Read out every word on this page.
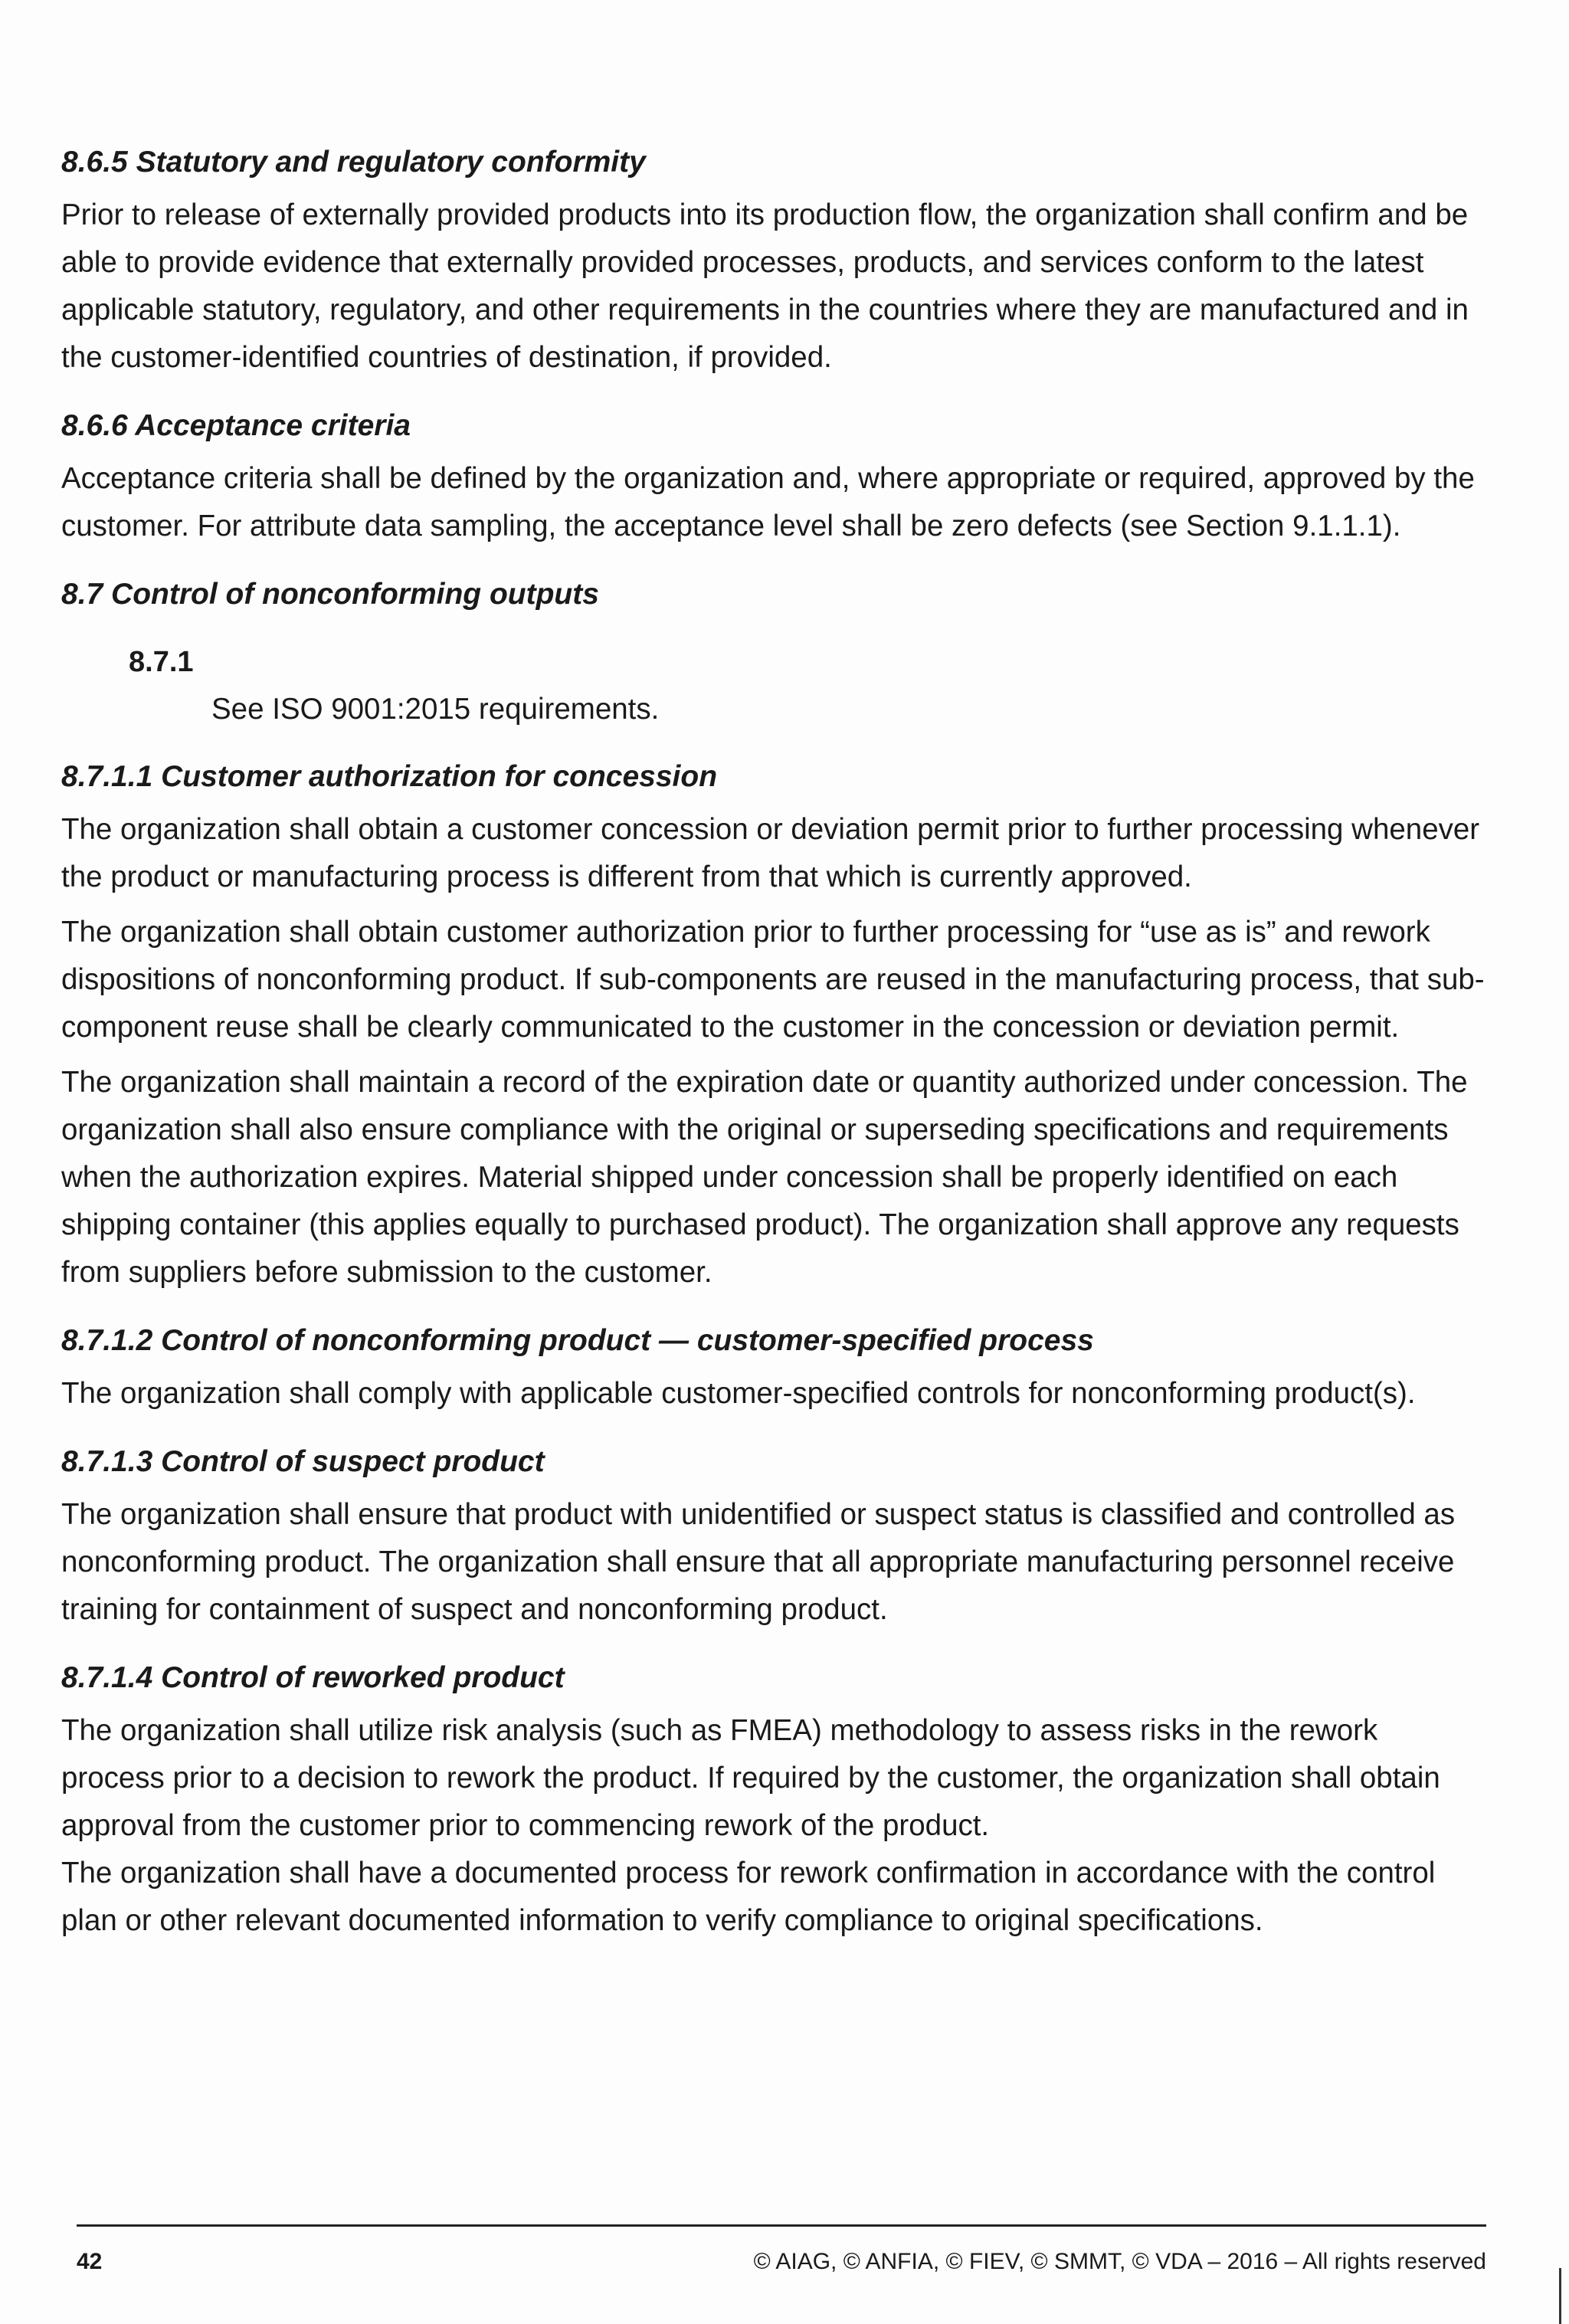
8.6.5 Statutory and regulatory conformity
Prior to release of externally provided products into its production flow, the organization shall confirm and be able to provide evidence that externally provided processes, products, and services conform to the latest applicable statutory, regulatory, and other requirements in the countries where they are manufactured and in the customer-identified countries of destination, if provided.
8.6.6 Acceptance criteria
Acceptance criteria shall be defined by the organization and, where appropriate or required, approved by the customer. For attribute data sampling, the acceptance level shall be zero defects (see Section 9.1.1.1).
8.7 Control of nonconforming outputs
8.7.1
See ISO 9001:2015 requirements.
8.7.1.1 Customer authorization for concession
The organization shall obtain a customer concession or deviation permit prior to further processing whenever the product or manufacturing process is different from that which is currently approved.
The organization shall obtain customer authorization prior to further processing for “use as is” and rework dispositions of nonconforming product. If sub-components are reused in the manufacturing process, that sub-component reuse shall be clearly communicated to the customer in the concession or deviation permit.
The organization shall maintain a record of the expiration date or quantity authorized under concession. The organization shall also ensure compliance with the original or superseding specifications and requirements when the authorization expires. Material shipped under concession shall be properly identified on each shipping container (this applies equally to purchased product). The organization shall approve any requests from suppliers before submission to the customer.
8.7.1.2 Control of nonconforming product — customer-specified process
The organization shall comply with applicable customer-specified controls for nonconforming product(s).
8.7.1.3 Control of suspect product
The organization shall ensure that product with unidentified or suspect status is classified and controlled as nonconforming product. The organization shall ensure that all appropriate manufacturing personnel receive training for containment of suspect and nonconforming product.
8.7.1.4 Control of reworked product
The organization shall utilize risk analysis (such as FMEA) methodology to assess risks in the rework process prior to a decision to rework the product. If required by the customer, the organization shall obtain approval from the customer prior to commencing rework of the product.
The organization shall have a documented process for rework confirmation in accordance with the control plan or other relevant documented information to verify compliance to original specifications.
42	© AIAG, © ANFIA, © FIEV, © SMMT, © VDA – 2016 – All rights reserved
